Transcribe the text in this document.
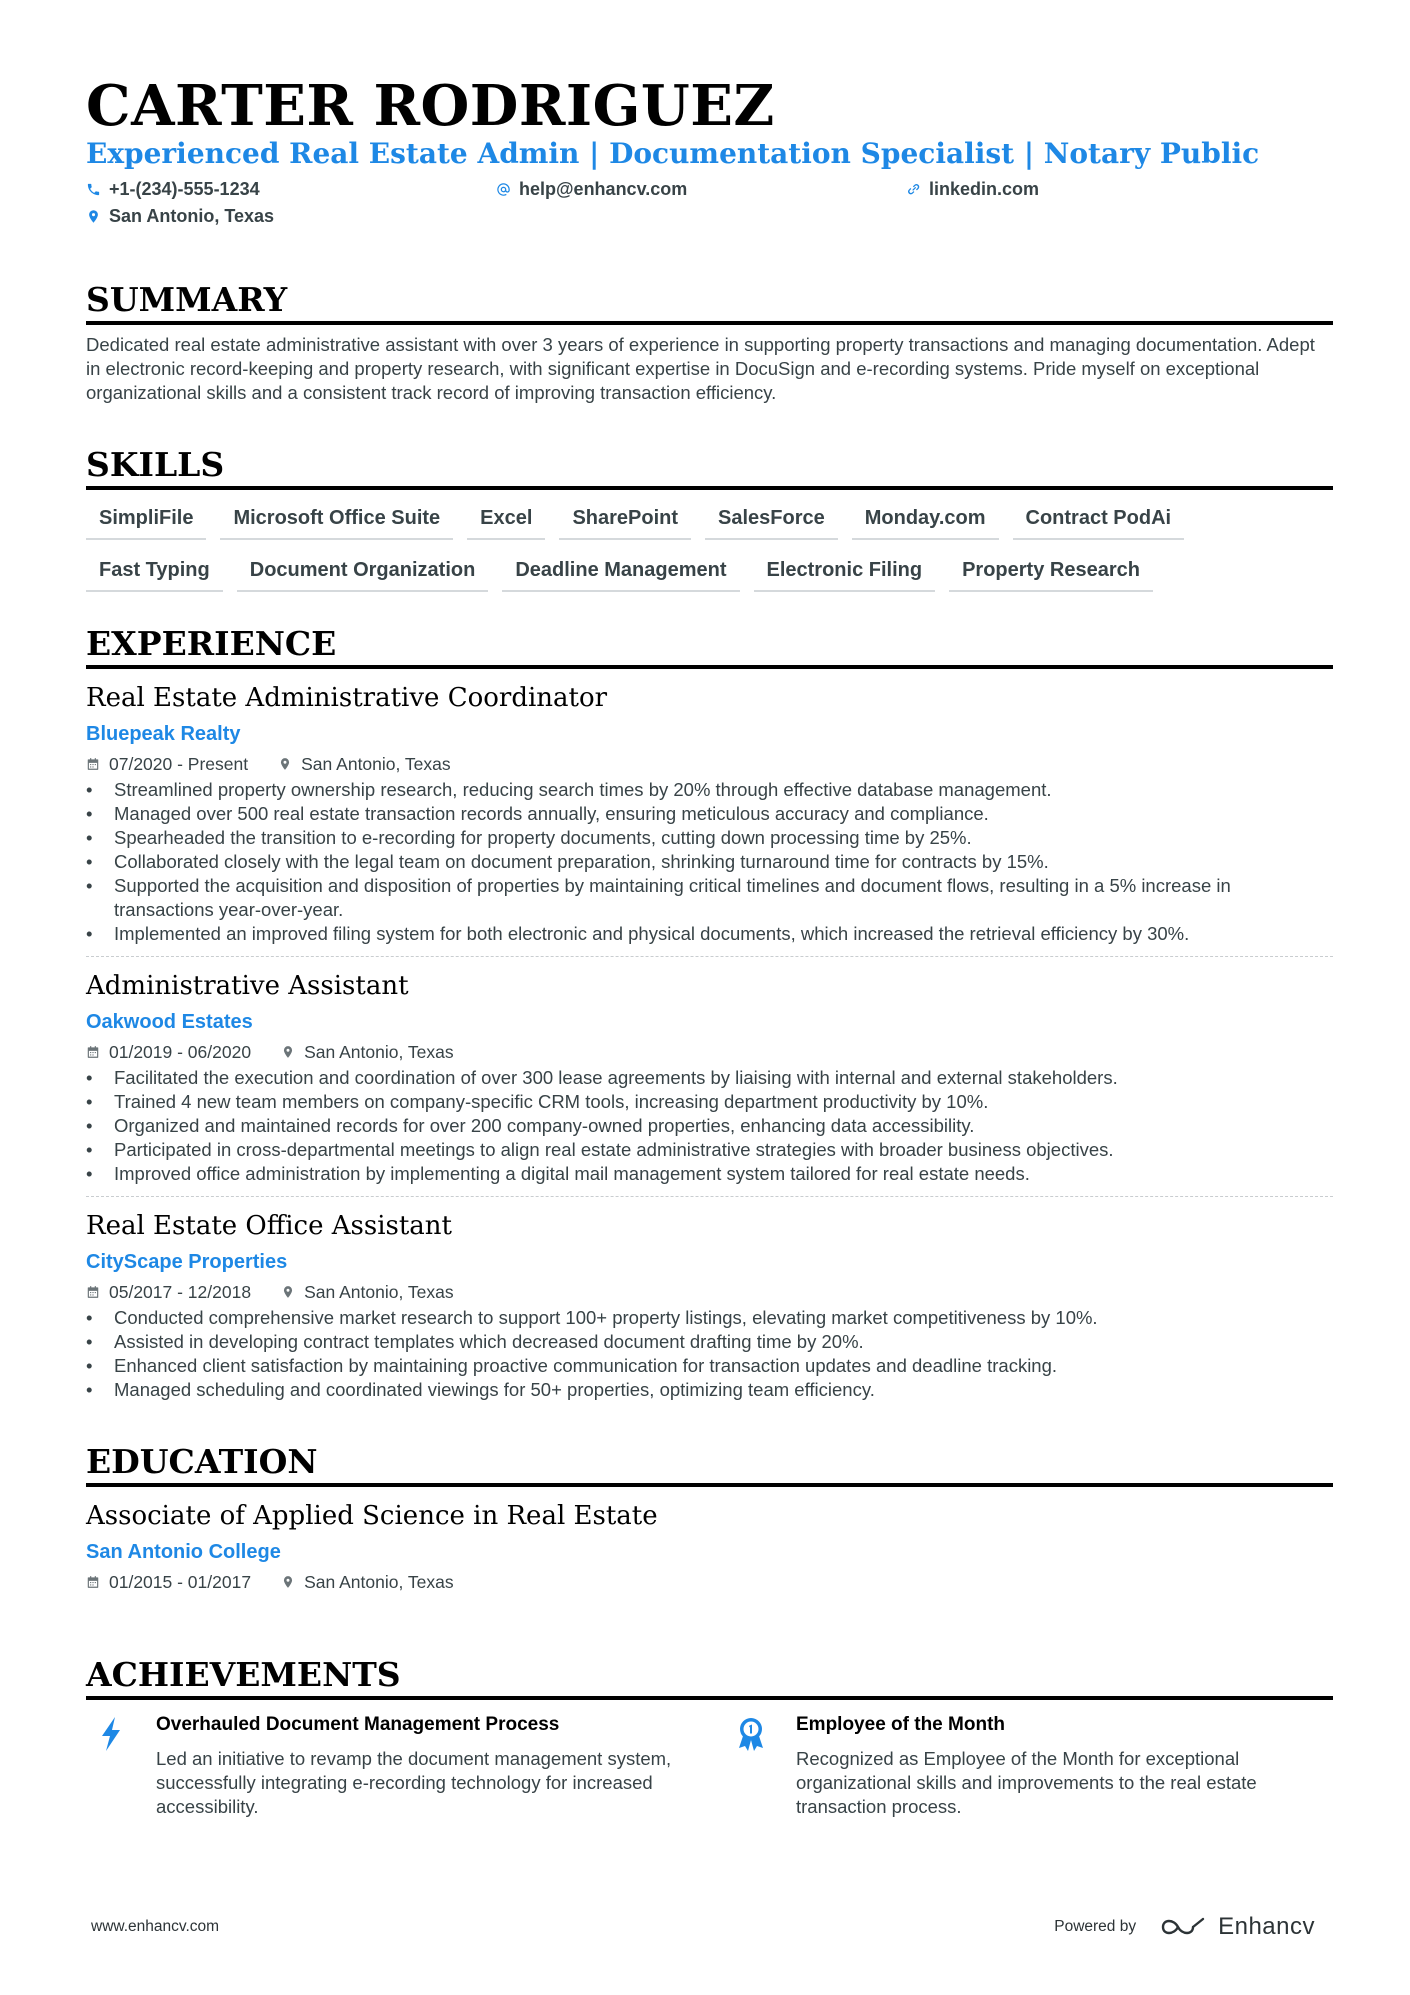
CARTER RODRIGUEZ
Experienced Real Estate Admin | Documentation Specialist | Notary Public
+1-(234)-555-1234	help@enhancv.com	linkedin.com
San Antonio, Texas
SUMMARY
Dedicated real estate administrative assistant with over 3 years of experience in supporting property transactions and managing documentation. Adept in electronic record-keeping and property research, with significant expertise in DocuSign and e-recording systems. Pride myself on exceptional organizational skills and a consistent track record of improving transaction efficiency.
SKILLS
SimpliFile	Microsoft Office Suite	Excel	SharePoint	SalesForce	Monday.com	Contract PodAi
Fast Typing	Document Organization	Deadline Management	Electronic Filing	Property Research
EXPERIENCE
Real Estate Administrative Coordinator
Bluepeak Realty
07/2020 - Present	San Antonio, Texas
• Streamlined property ownership research, reducing search times by 20% through effective database management.
• Managed over 500 real estate transaction records annually, ensuring meticulous accuracy and compliance.
• Spearheaded the transition to e-recording for property documents, cutting down processing time by 25%.
• Collaborated closely with the legal team on document preparation, shrinking turnaround time for contracts by 15%.
• Supported the acquisition and disposition of properties by maintaining critical timelines and document flows, resulting in a 5% increase in transactions year-over-year.
• Implemented an improved filing system for both electronic and physical documents, which increased the retrieval efficiency by 30%.
Administrative Assistant
Oakwood Estates
01/2019 - 06/2020	San Antonio, Texas
• Facilitated the execution and coordination of over 300 lease agreements by liaising with internal and external stakeholders.
• Trained 4 new team members on company-specific CRM tools, increasing department productivity by 10%.
• Organized and maintained records for over 200 company-owned properties, enhancing data accessibility.
• Participated in cross-departmental meetings to align real estate administrative strategies with broader business objectives.
• Improved office administration by implementing a digital mail management system tailored for real estate needs.
Real Estate Office Assistant
CityScape Properties
05/2017 - 12/2018	San Antonio, Texas
• Conducted comprehensive market research to support 100+ property listings, elevating market competitiveness by 10%.
• Assisted in developing contract templates which decreased document drafting time by 20%.
• Enhanced client satisfaction by maintaining proactive communication for transaction updates and deadline tracking.
• Managed scheduling and coordinated viewings for 50+ properties, optimizing team efficiency.
EDUCATION
Associate of Applied Science in Real Estate
San Antonio College
01/2015 - 01/2017	San Antonio, Texas
ACHIEVEMENTS
Overhauled Document Management Process
Led an initiative to revamp the document management system, successfully integrating e-recording technology for increased accessibility.
Employee of the Month
Recognized as Employee of the Month for exceptional organizational skills and improvements to the real estate transaction process.
www.enhancv.com	Powered by	Enhancv
